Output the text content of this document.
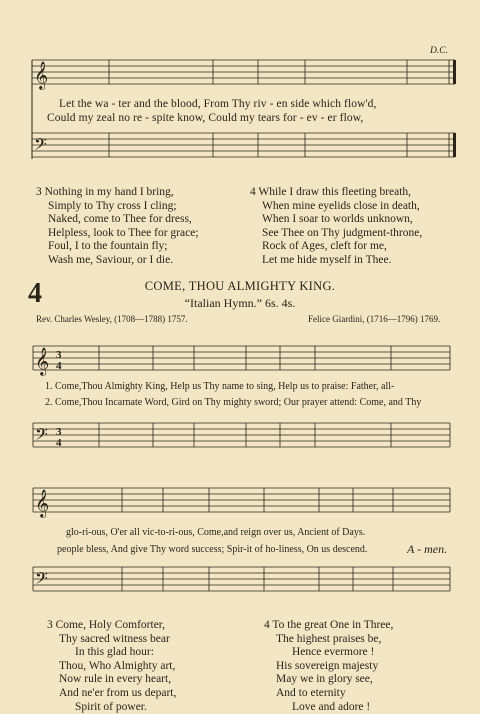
𝄞
𝄢
D.C.
Let the wa - ter and the blood, From Thy riv - en side which flow'd,
Could my zeal no re - spite know, Could my tears for - ev - er flow,
3 Nothing in my hand I bring,
Simply to Thy cross I cling;
Naked, come to Thee for dress,
Helpless, look to Thee for grace;
Foul, I to the fountain fly;
Wash me, Saviour, or I die.
4 While I draw this fleeting breath,
When mine eyelids close in death,
When I soar to worlds unknown,
See Thee on Thy judgment-throne,
Rock of Ages, cleft for me,
Let me hide myself in Thee.
4	COME, THOU ALMIGHTY KING.
“Italian Hymn.” 6s. 4s.
Rev. Charles Wesley, (1708—1788) 1757.	Felice Giardini, (1716—1796) 1769.
𝄞 3
4
𝄢 3
4
1. Come,Thou Almighty King, Help us Thy name to sing, Help us to praise: Father, all-
2. Come,Thou Incarnate Word, Gird on Thy mighty sword; Our prayer attend: Come, and Thy
𝄞
𝄢
glo-ri-ous, O'er all vic-to-ri-ous, Come,and reign over us, Ancient of Days.
people bless, And give Thy word success; Spir-it of ho-liness, On us descend.	A - men.
3 Come, Holy Comforter,
Thy sacred witness bear
In this glad hour:
Thou, Who Almighty art,
Now rule in every heart,
And ne'er from us depart,
Spirit of power.
4 To the great One in Three,
The highest praises be,
Hence evermore !
His sovereign majesty
May we in glory see,
And to eternity
Love and adore !
